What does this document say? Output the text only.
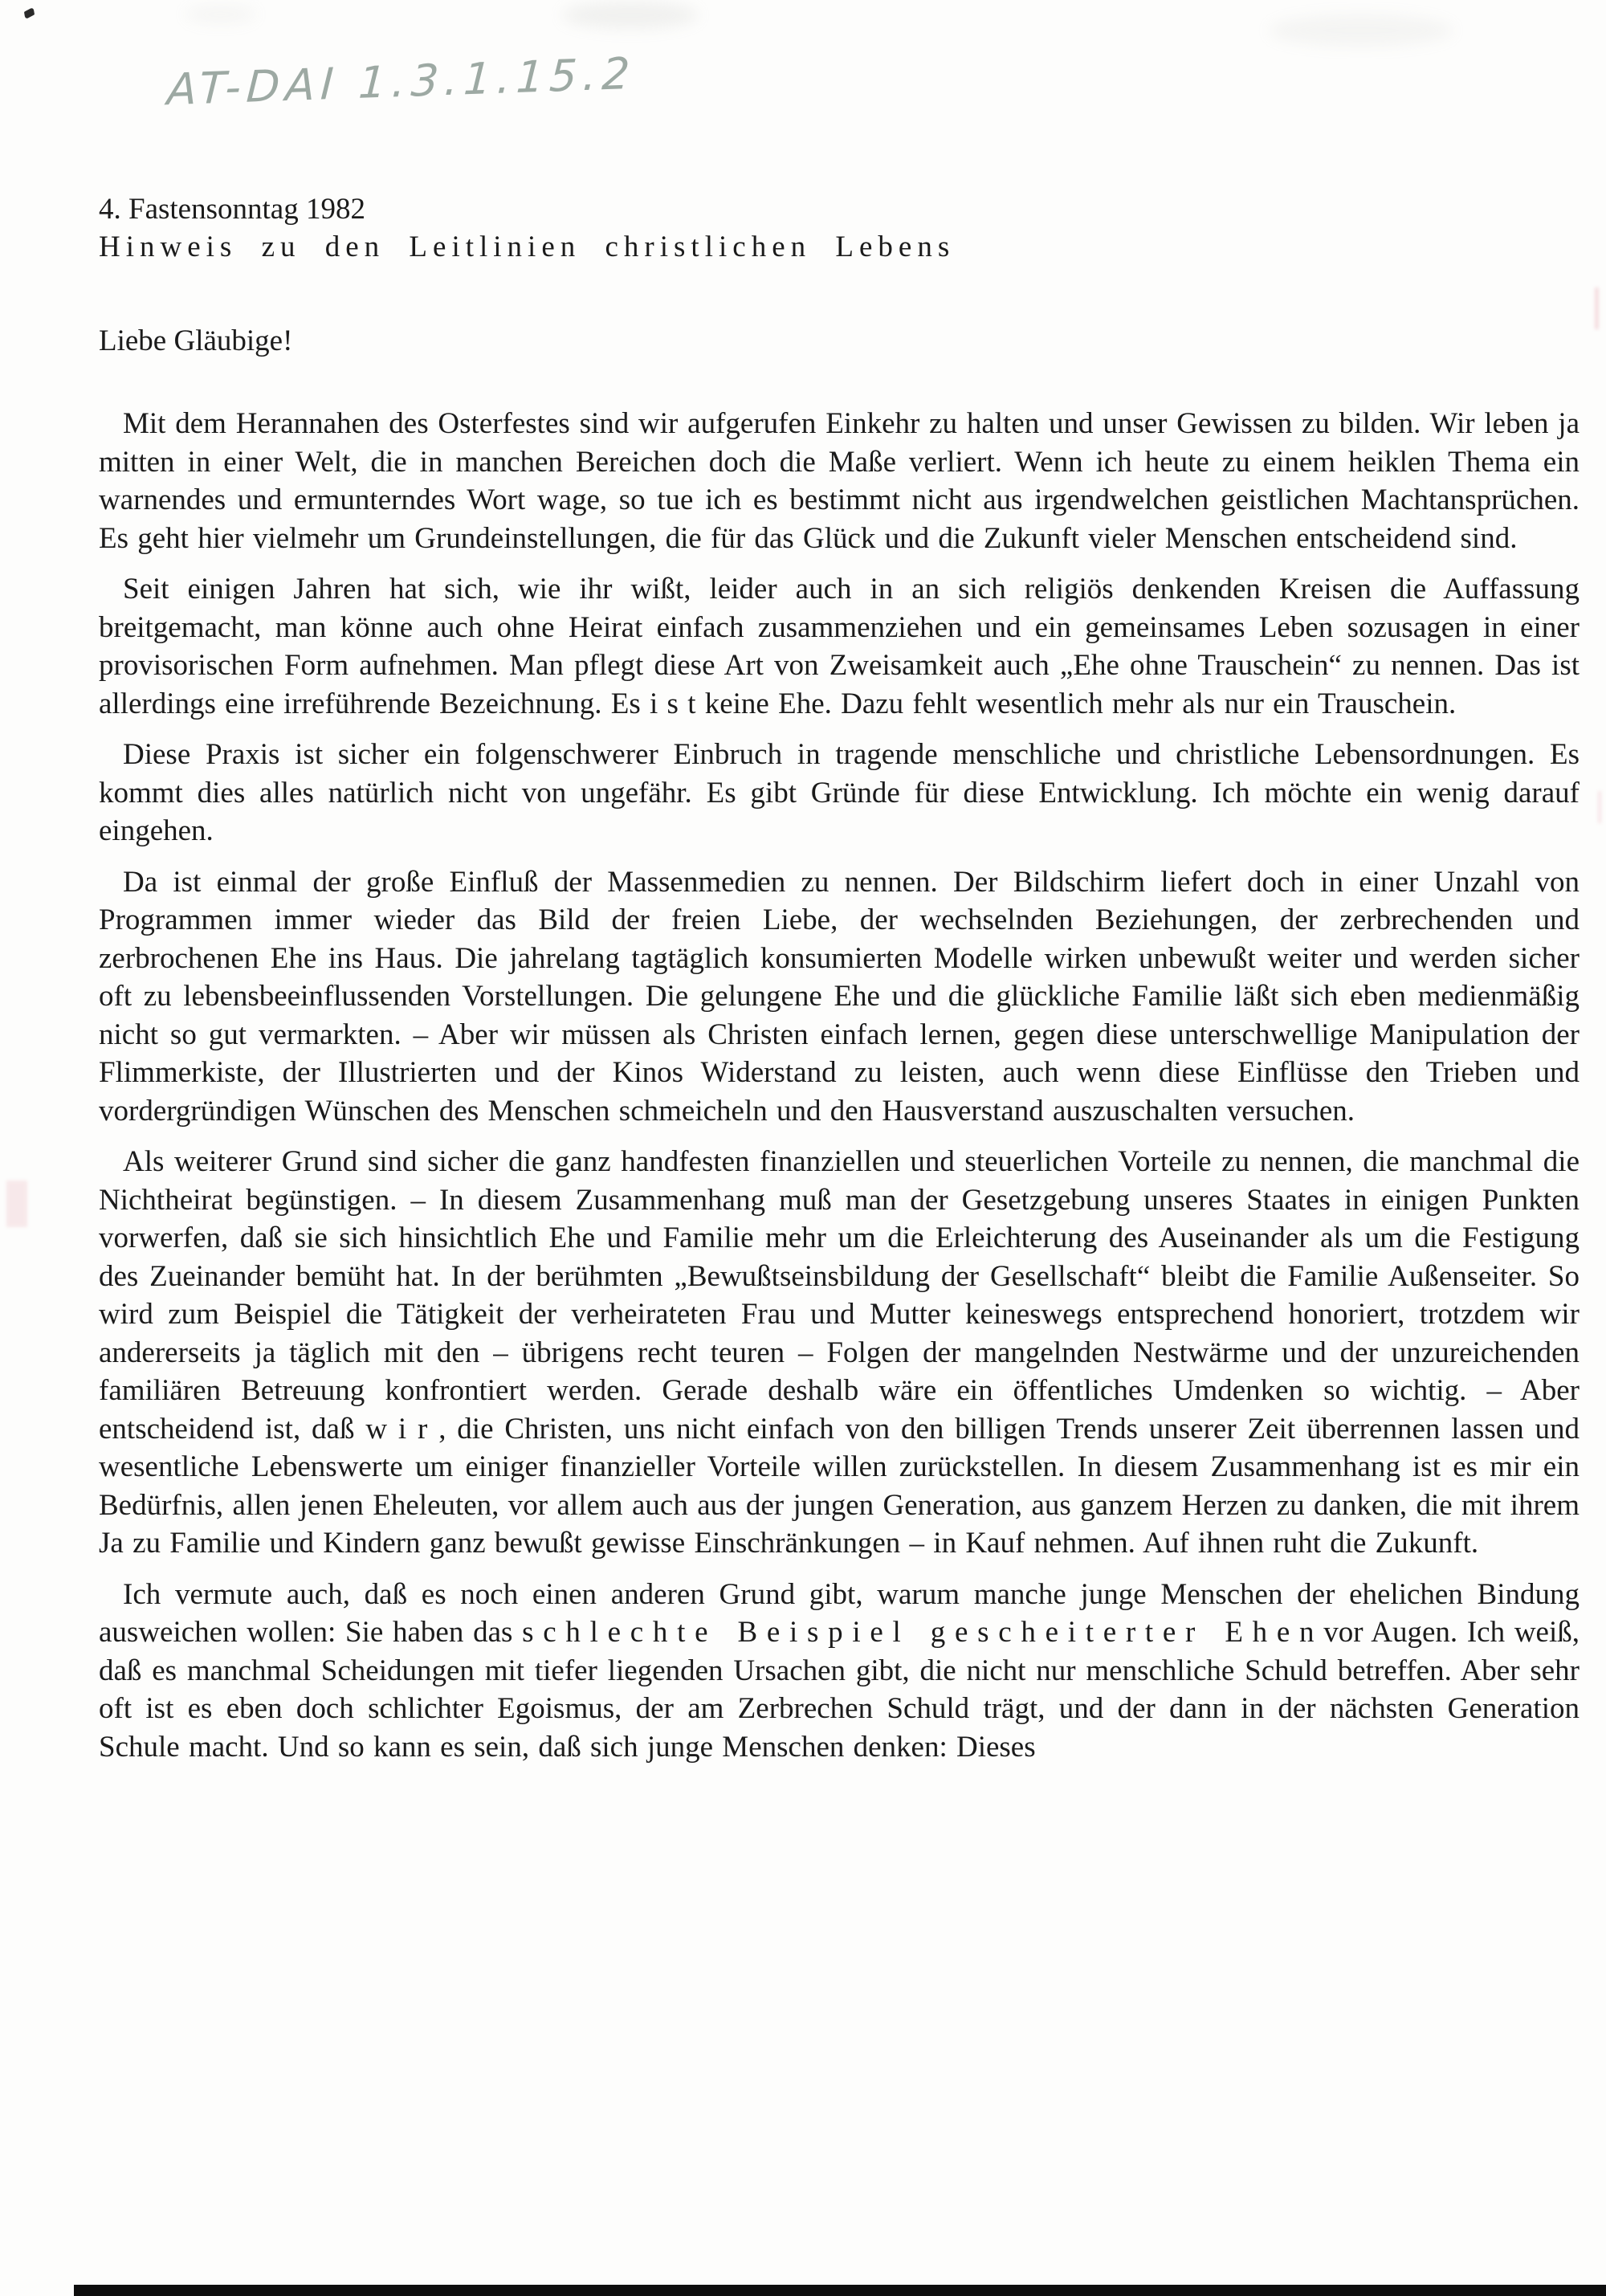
AT-DAI 1.3.1.15.2
4. Fastensonntag 1982
Hinweis zu den Leitlinien christlichen Lebens
Liebe Gläubige!

Mit dem Herannahen des Osterfestes sind wir aufgerufen Einkehr zu halten und unser Gewissen zu bilden. Wir leben ja mitten in einer Welt, die in manchen Bereichen doch die Maße verliert. Wenn ich heute zu einem heiklen Thema ein warnendes und ermunterndes Wort wage, so tue ich es bestimmt nicht aus irgendwelchen geistlichen Machtansprüchen. Es geht hier vielmehr um Grundeinstellungen, die für das Glück und die Zukunft vieler Menschen entscheidend sind.

Seit einigen Jahren hat sich, wie ihr wißt, leider auch in an sich religiös denkenden Kreisen die Auffassung breitgemacht, man könne auch ohne Heirat einfach zusammenziehen und ein gemeinsames Leben sozusagen in einer provisorischen Form aufnehmen. Man pflegt diese Art von Zweisamkeit auch „Ehe ohne Trauschein“ zu nennen. Das ist allerdings eine irreführende Bezeichnung. Es i s t keine Ehe. Dazu fehlt wesentlich mehr als nur ein Trauschein.

Diese Praxis ist sicher ein folgenschwerer Einbruch in tragende menschliche und christliche Lebensordnungen. Es kommt dies alles natürlich nicht von ungefähr. Es gibt Gründe für diese Entwicklung. Ich möchte ein wenig darauf eingehen.

Da ist einmal der große Einfluß der Massenmedien zu nennen. Der Bildschirm liefert doch in einer Unzahl von Programmen immer wieder das Bild der freien Liebe, der wechselnden Beziehungen, der zerbrechenden und zerbrochenen Ehe ins Haus. Die jahrelang tagtäglich konsumierten Modelle wirken unbewußt weiter und werden sicher oft zu lebensbeeinflussenden Vorstellungen. Die gelungene Ehe und die glückliche Familie läßt sich eben medienmäßig nicht so gut vermarkten. – Aber wir müssen als Christen einfach lernen, gegen diese unterschwellige Manipulation der Flimmerkiste, der Illustrierten und der Kinos Widerstand zu leisten, auch wenn diese Einflüsse den Trieben und vordergründigen Wünschen des Menschen schmeicheln und den Hausverstand auszuschalten versuchen.

Als weiterer Grund sind sicher die ganz handfesten finanziellen und steuerlichen Vorteile zu nennen, die manchmal die Nichtheirat begünstigen. – In diesem Zusammenhang muß man der Gesetzgebung unseres Staates in einigen Punkten vorwerfen, daß sie sich hinsichtlich Ehe und Familie mehr um die Erleichterung des Auseinander als um die Festigung des Zueinander bemüht hat. In der berühmten „Bewußtseinsbildung der Gesellschaft“ bleibt die Familie Außenseiter. So wird zum Beispiel die Tätigkeit der verheirateten Frau und Mutter keineswegs entsprechend honoriert, trotzdem wir andererseits ja täglich mit den – übrigens recht teuren – Folgen der mangelnden Nestwärme und der unzureichenden familiären Betreuung konfrontiert werden. Gerade deshalb wäre ein öffentliches Umdenken so wichtig. – Aber entscheidend ist, daß w i r , die Christen, uns nicht einfach von den billigen Trends unserer Zeit überrennen lassen und wesentliche Lebenswerte um einiger finanzieller Vorteile willen zurückstellen. In diesem Zusammenhang ist es mir ein Bedürfnis, allen jenen Eheleuten, vor allem auch aus der jungen Generation, aus ganzem Herzen zu danken, die mit ihrem Ja zu Familie und Kindern ganz bewußt gewisse Einschränkungen – in Kauf nehmen. Auf ihnen ruht die Zukunft.

Ich vermute auch, daß es noch einen anderen Grund gibt, warum manche junge Menschen der ehelichen Bindung ausweichen wollen: Sie haben das s c h l e c h t e B e i s p i e l g e s c h e i t e r t e r E h e n vor Augen. Ich weiß, daß es manchmal Scheidungen mit tiefer liegenden Ursachen gibt, die nicht nur menschliche Schuld betreffen. Aber sehr oft ist es eben doch schlichter Egoismus, der am Zerbrechen Schuld trägt, und der dann in der nächsten Generation Schule macht. Und so kann es sein, daß sich junge Menschen denken: Dieses
